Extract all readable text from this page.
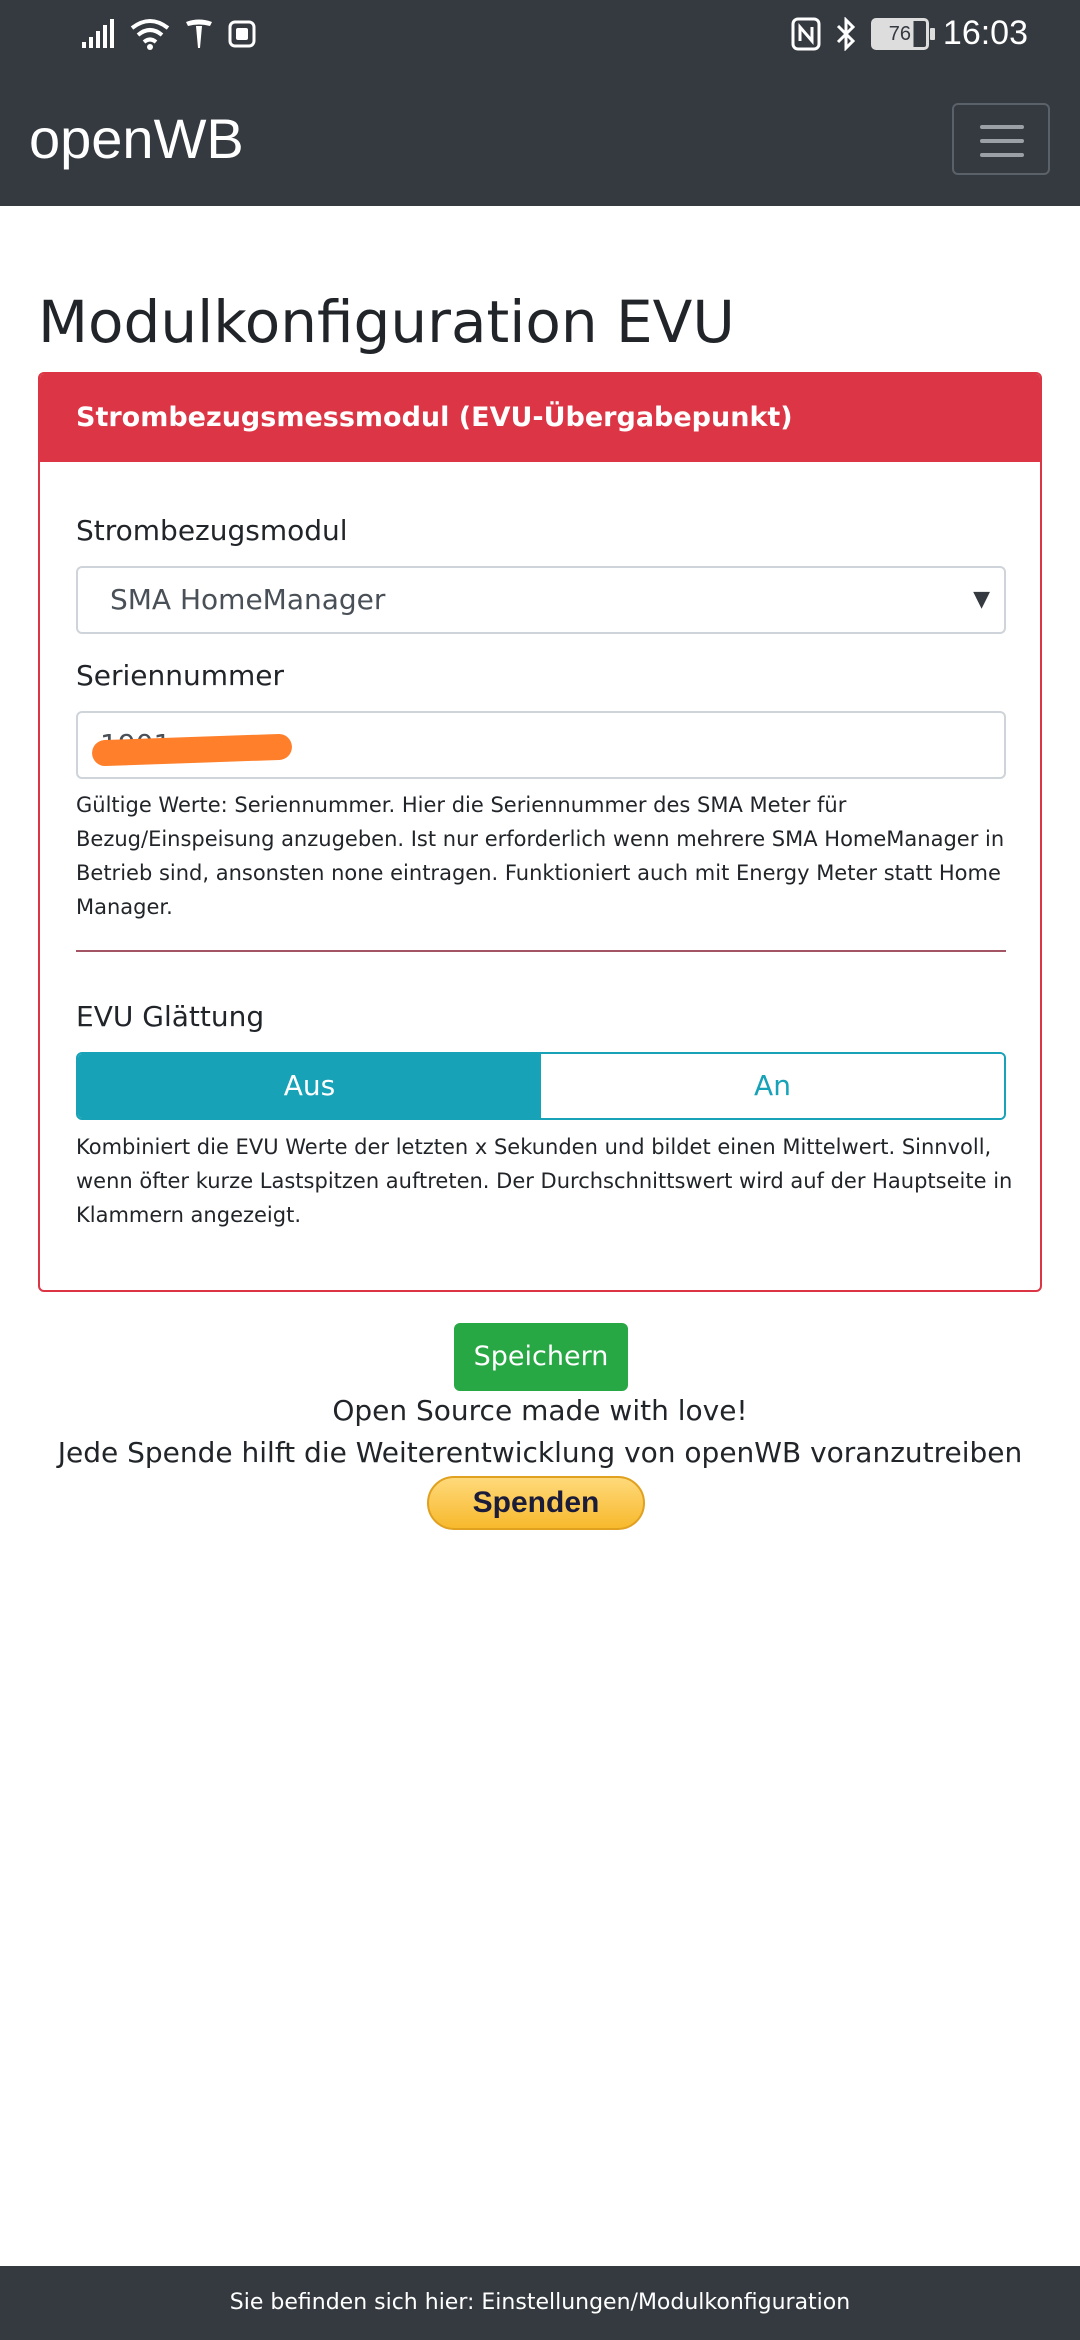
76 16:03
openWB
Modulkonfiguration EVU
Strombezugsmessmodul (EVU-Übergabepunkt)
Strombezugsmodul
SMA HomeManager	▼
Seriennummer
Gültige Werte: Seriennummer. Hier die Seriennummer des SMA Meter für Bezug/Einspeisung anzugeben. Ist nur erforderlich wenn mehrere SMA HomeManager in Betrieb sind, ansonsten none eintragen. Funktioniert auch mit Energy Meter statt Home Manager.
EVU Glättung
Aus	An
Kombiniert die EVU Werte der letzten x Sekunden und bildet einen Mittelwert. Sinnvoll, wenn öfter kurze Lastspitzen auftreten. Der Durchschnittswert wird auf der Hauptseite in Klammern angezeigt.
Speichern
Open Source made with love!
Jede Spende hilft die Weiterentwicklung von openWB voranzutreiben
Spenden
Sie befinden sich hier: Einstellungen/Modulkonfiguration
